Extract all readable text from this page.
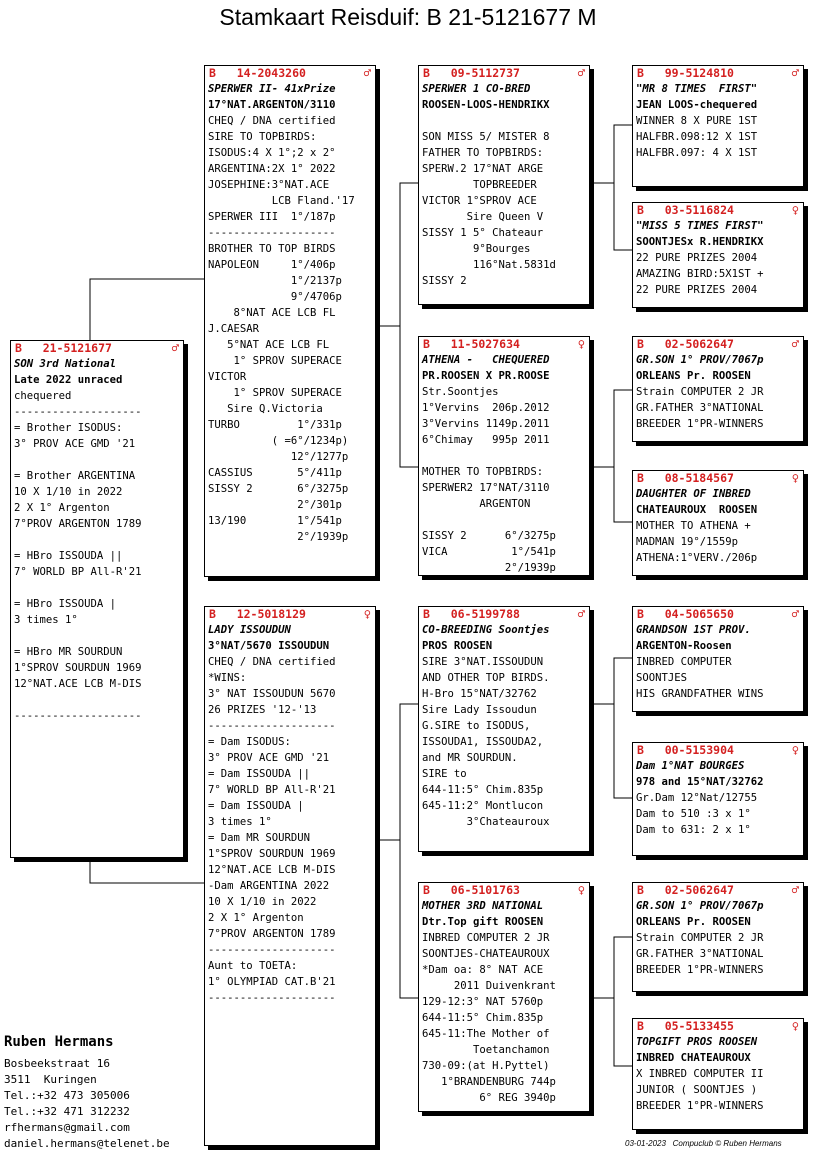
Stamkaart Reisduif: B 21-5121677 M
B   21-5121677	♂
SON 3rd National
Late 2022 unraced
chequered
--------------------
= Brother ISODUS:
3° PROV ACE GMD '21
= Brother ARGENTINA
10 X 1/10 in 2022
2 X 1° Argenton
7°PROV ARGENTON 1789
= HBro ISSOUDA ||
7° WORLD BP All-R'21
= HBro ISSOUDA |
3 times 1°
= HBro MR SOURDUN
1°SPROV SOURDUN 1969
12°NAT.ACE LCB M-DIS
--------------------
B   14-2043260	♂
SPERWER II- 41xPrize
17°NAT.ARGENTON/3110
CHEQ / DNA certified
SIRE TO TOPBIRDS:
ISODUS:4 X 1°;2 x 2°
ARGENTINA:2X 1° 2022
JOSEPHINE:3°NAT.ACE
LCB Fland.'17
SPERWER III  1°/187p
--------------------
BROTHER TO TOP BIRDS
NAPOLEON     1°/406p
1°/2137p
9°/4706p
8°NAT ACE LCB FL
J.CAESAR
5°NAT ACE LCB FL
1° SPROV SUPERACE
VICTOR
1° SPROV SUPERACE
Sire Q.Victoria
TURBO         1°/331p
( =6°/1234p)
12°/1277p
CASSIUS       5°/411p
SISSY 2       6°/3275p
2°/301p
13/190        1°/541p
2°/1939p
B   12-5018129	♀
LADY ISSOUDUN
3°NAT/5670 ISSOUDUN
CHEQ / DNA certified
*WINS:
3° NAT ISSOUDUN 5670
26 PRIZES '12-'13
--------------------
= Dam ISODUS:
3° PROV ACE GMD '21
= Dam ISSOUDA ||
7° WORLD BP All-R'21
= Dam ISSOUDA |
3 times 1°
= Dam MR SOURDUN
1°SPROV SOURDUN 1969
12°NAT.ACE LCB M-DIS
-Dam ARGENTINA 2022
10 X 1/10 in 2022
2 X 1° Argenton
7°PROV ARGENTON 1789
--------------------
Aunt to TOETA:
1° OLYMPIAD CAT.B'21
--------------------
B   09-5112737	♂
SPERWER 1 CO-BRED
ROOSEN-LOOS-HENDRIKX
SON MISS 5/ MISTER 8
FATHER TO TOPBIRDS:
SPERW.2 17°NAT ARGE
TOPBREEDER
VICTOR 1°SPROV ACE
Sire Queen V
SISSY 1 5° Chateaur
9°Bourges
116°Nat.5831d
SISSY 2
B   11-5027634	♀
ATHENA -   CHEQUERED
PR.ROOSEN X PR.ROOSE
Str.Soontjes
1°Vervins  206p.2012
3°Vervins 1149p.2011
6°Chimay   995p 2011
MOTHER TO TOPBIRDS:
SPERWER2 17°NAT/3110
ARGENTON
SISSY 2      6°/3275p
VICA          1°/541p
2°/1939p
B   06-5199788	♂
CO-BREEDING Soontjes
PROS ROOSEN
SIRE 3°NAT.ISSOUDUN
AND OTHER TOP BIRDS.
H-Bro 15°NAT/32762
Sire Lady Issoudun
G.SIRE to ISODUS,
ISSOUDA1, ISSOUDA2,
and MR SOURDUN.
SIRE to
644-11:5° Chim.835p
645-11:2° Montlucon
3°Chateauroux
B   06-5101763	♀
MOTHER 3RD NATIONAL
Dtr.Top gift ROOSEN
INBRED COMPUTER 2 JR
SOONTJES-CHATEAUROUX
*Dam oa: 8° NAT ACE
2011 Duivenkrant
129-12:3° NAT 5760p
644-11:5° Chim.835p
645-11:The Mother of
Toetanchamon
730-09:(at H.Pyttel)
1°BRANDENBURG 744p
6° REG 3940p
B   99-5124810	♂
"MR 8 TIMES  FIRST"
JEAN LOOS-chequered
WINNER 8 X PURE 1ST
HALFBR.098:12 X 1ST
HALFBR.097: 4 X 1ST
B   03-5116824	♀
"MISS 5 TIMES FIRST"
SOONTJESx R.HENDRIKX
22 PURE PRIZES 2004
AMAZING BIRD:5X1ST +
22 PURE PRIZES 2004
B   02-5062647	♂
GR.SON 1° PROV/7067p
ORLEANS Pr. ROOSEN
Strain COMPUTER 2 JR
GR.FATHER 3°NATIONAL
BREEDER 1°PR-WINNERS
B   08-5184567	♀
DAUGHTER OF INBRED
CHATEAUROUX  ROOSEN
MOTHER TO ATHENA +
MADMAN 19°/1559p
ATHENA:1°VERV./206p
B   04-5065650	♂
GRANDSON 1ST PROV.
ARGENTON-Roosen
INBRED COMPUTER
SOONTJES
HIS GRANDFATHER WINS
B   00-5153904	♀
Dam 1°NAT BOURGES
978 and 15°NAT/32762
Gr.Dam 12°Nat/12755
Dam to 510 :3 x 1°
Dam to 631: 2 x 1°
B   02-5062647	♂
GR.SON 1° PROV/7067p
ORLEANS Pr. ROOSEN
Strain COMPUTER 2 JR
GR.FATHER 3°NATIONAL
BREEDER 1°PR-WINNERS
B   05-5133455	♀
TOPGIFT PROS ROOSEN
INBRED CHATEAUROUX
X INBRED COMPUTER II
JUNIOR ( SOONTJES )
BREEDER 1°PR-WINNERS
Ruben Hermans
Bosbeekstraat 16
3511  Kuringen
Tel.:+32 473 305006
Tel.:+32 471 312232
rfhermans@gmail.com
daniel.hermans@telenet.be	03-01-2023   Compuclub © Ruben Hermans
